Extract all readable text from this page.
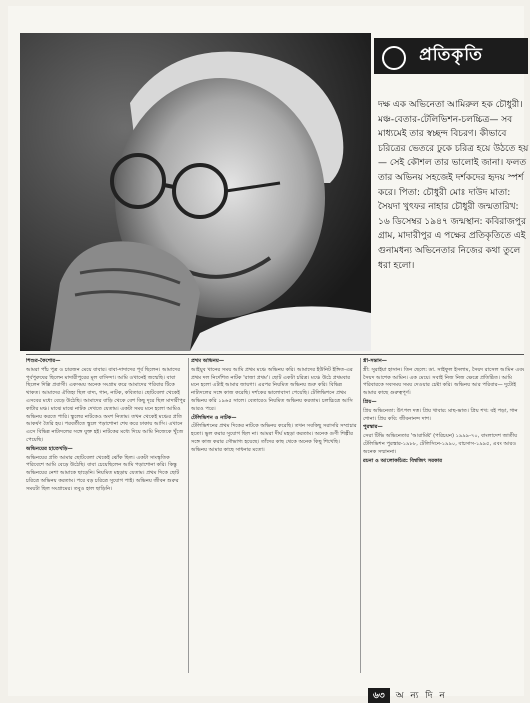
প্রতিকৃতি

দক্ষ এক অভিনেতা আমিরুল হক চৌধুরী। মঞ্চ-বেতার-টেলিভিশন-চলচ্চিত্র— সব মাধ্যমেই তার স্বচ্ছন্দ বিচরণ। কীভাবে চরিত্রের ভেতরে ঢুকে চরিত্র হয়ে উঠতে হয়— সেই কৌশল তার ভালোই জানা। ফলত তার অভিনয় সহজেই দর্শকদের হৃদয় স্পর্শ করে। পিতা: চৌধুরী মোঃ দাউদ মাতা: সৈয়দা খুৎফর নাহার চৌধুরী জন্মতারিখ: ১৬ ডিসেম্বর ১৯৪৭ জন্মস্থান: কবিরাজপুর গ্রাম, মাদারীপুর এ পক্ষের প্রতিকৃতিতে এই গুনামধন্য অভিনেতার নিজের কথা তুলে ধরা হলো।

শিশুর-কৈশোর—

আমরা পাঁচ পুত্র ও চারজন মেয়ে বাবার। বাবা-দাদাদের পূর্ব ছিলেন। আমাদের পূর্বপুরুষের ছিলেন মাদারীপুরের মূল বাসিন্দা। আমি ওখানেই জন্মেছি। বাবা ছিলেন দিল্লি প্রবাসী। একসময় অনেক সংগ্রাম করে আমাদের পরিবার টিকে থাকত। আমাদের ঐতিহ্য ছিল বাদ্য, গান, নাটক, কবিতার। ছোটবেলা থেকেই এসবের মধ্যে বেড়ে উঠেছি। আমাদের বাড়ি থেকে বেশ কিছু দূরে ছিল মাদারীপুর কাটার মঞ্চ। মাঝে মাঝে নাটক দেখতে যেতাম। একটা সময় মনে হলো আমিও অভিনয় করতে পারি। স্কুলের নাটকেও অংশ নিতাম। তখন থেকেই মঞ্চের প্রতি আকর্ষণ তৈরি হয়। পরবর্তীতে স্কুলে পড়াশোনা শেষ করে ঢাকায় আসি। এখানে এসে বিভিন্ন নাট্যদলের সঙ্গে যুক্ত হই। নাটকের মধ্যে দিয়ে আমি নিজেকে খুঁজে পেয়েছি।

অভিনয়ের হাতেখড়ি—

অভিনয়ের প্রতি আমার ছোটবেলা থেকেই ঝোঁক ছিল। একটা সাংস্কৃতিক পরিবেশে আমি বেড়ে উঠেছি। বাবা চেয়েছিলেন আমি পড়াশোনা করি। কিন্তু অভিনয়ের নেশা আমাকে ছাড়েনি। নিয়মিত মহড়ায় যেতাম। প্রথম দিকে ছোট চরিত্রে অভিনয় করতাম। পরে বড় চরিত্রে সুযোগ পাই। অভিনয় জীবন শুরুর সময়টা ছিল সংগ্রামের। তবুও হাল ছাড়িনি।

প্রথম অভিনয়—

আইয়ুব খানের সময় আমি প্রথম মঞ্চে অভিনয় করি। আমাদের ইউনিট ইঙ্গিত-এর প্রথম দল নির্দেশিত নাটক 'রাজা প্রথম'। ছোট একটা চরিত্র। মঞ্চে উঠে প্রথমবার মনে হলো এটাই আমার জায়গা। এরপর নিয়মিত অভিনয় শুরু করি। বিভিন্ন নাট্যদলের সঙ্গে কাজ করেছি। দর্শকের ভালোবাসা পেয়েছি। টেলিভিশনে প্রথম অভিনয় করি ১৯৬৫ সালে। বেতারেও নিয়মিত অভিনয় করতাম। চলচ্চিত্রে আসি আরও পরে।

টেলিভিশন ও নাটক—

টেলিভিশনের প্রথম দিকের নাটকে অভিনয় করেছি। তখন সবকিছু সরাসরি সম্প্রচার হতো। ভুল করার সুযোগ ছিল না। আমরা দীর্ঘ মহড়া করতাম। অনেক গুণী শিল্পীর সঙ্গে কাজ করার সৌভাগ্য হয়েছে। তাঁদের কাছ থেকে অনেক কিছু শিখেছি। অভিনয় আমার কাছে সাধনার মতো।

স্ত্রী-সন্তান—

স্ত্রী: সুরাইয়া হাসান। তিন ছেলে: ডা. সাইফুল ইসলাম, সৈয়দ রাসেল আমিন এবং সৈয়দ আশেক আমিন। এক মেয়ে। সবাই নিজ নিজ ক্ষেত্রে প্রতিষ্ঠিত। আমি পরিবারকে সবসময় সময় দেওয়ার চেষ্টা করি। অভিনয় আর পরিবার— দুটোই আমার কাছে গুরুত্বপূর্ণ।

প্রিয়—

প্রিয় অভিনেতা: উৎপল দত্ত। প্রিয় খাবার: মাছ-ভাত। প্রিয় শখ: বই পড়া, গান শোনা। প্রিয় কবি: জীবনানন্দ দাশ।

পুরস্কার—

সেরা টিভি অভিনেতার 'আরামিষ্ট' (পরিচয়ন) ১৯৯৯-৭০, বাংলাদেশ জাতীয় টেলিভিশন পুরস্কার-১৯৮৮, টেলিসিনে-১৯৯০, বাচসাস-১৯৯৫, এবং আরও অনেক সম্মাননা।

রচনা ও আলোকচিত্র: বিশ্বজিৎ সরকার

৬৩	অ ন্য দি ন
